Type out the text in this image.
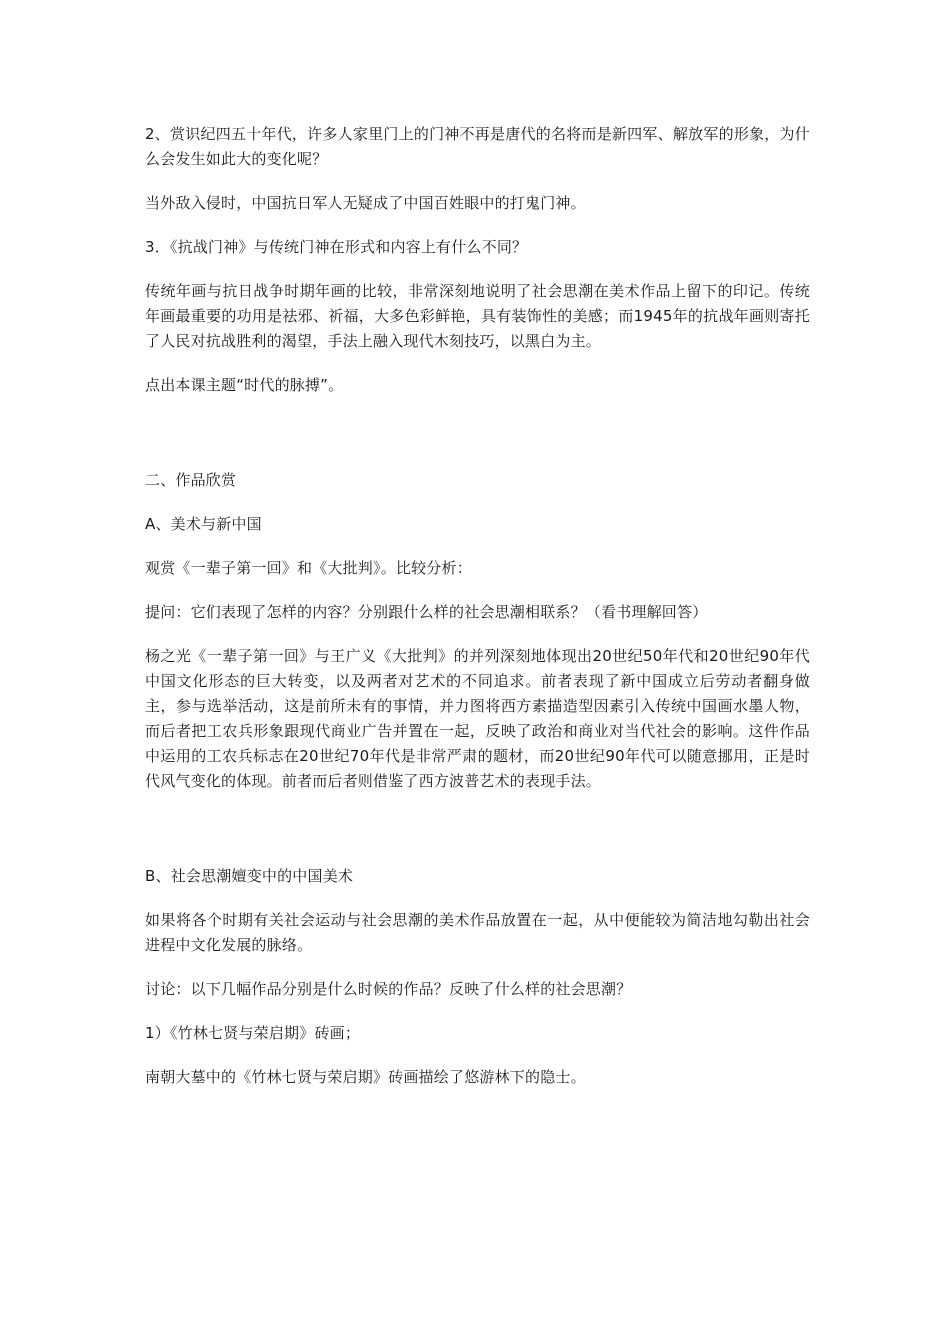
2、赏识纪四五十年代，许多人家里门上的门神不再是唐代的名将而是新四军、解放军的形象，为什么会发生如此大的变化呢？

当外敌入侵时，中国抗日军人无疑成了中国百姓眼中的打鬼门神。

3．《抗战门神》与传统门神在形式和内容上有什么不同？

传统年画与抗日战争时期年画的比较，非常深刻地说明了社会思潮在美术作品上留下的印记。传统年画最重要的功用是祛邪、祈福，大多色彩鲜艳，具有装饰性的美感；而1945年的抗战年画则寄托了人民对抗战胜利的渴望，手法上融入现代木刻技巧，以黑白为主。

点出本课主题“时代的脉搏”。

二、作品欣赏

A、美术与新中国

观赏《一辈子第一回》和《大批判》。比较分析：

提问：它们表现了怎样的内容？分别跟什么样的社会思潮相联系？（看书理解回答）

杨之光《一辈子第一回》与王广义《大批判》的并列深刻地体现出20世纪50年代和20世纪90年代中国文化形态的巨大转变，以及两者对艺术的不同追求。前者表现了新中国成立后劳动者翻身做主，参与选举活动，这是前所未有的事情，并力图将西方素描造型因素引入传统中国画水墨人物，而后者把工农兵形象跟现代商业广告并置在一起，反映了政治和商业对当代社会的影响。这件作品中运用的工农兵标志在20世纪70年代是非常严肃的题材，而20世纪90年代可以随意挪用，正是时代风气变化的体现。前者而后者则借鉴了西方波普艺术的表现手法。

B、社会思潮嬗变中的中国美术

如果将各个时期有关社会运动与社会思潮的美术作品放置在一起，从中便能较为简洁地勾勒出社会进程中文化发展的脉络。

讨论：以下几幅作品分别是什么时候的作品？反映了什么样的社会思潮？

1）《竹林七贤与荣启期》砖画；

南朝大墓中的《竹林七贤与荣启期》砖画描绘了悠游林下的隐士。
